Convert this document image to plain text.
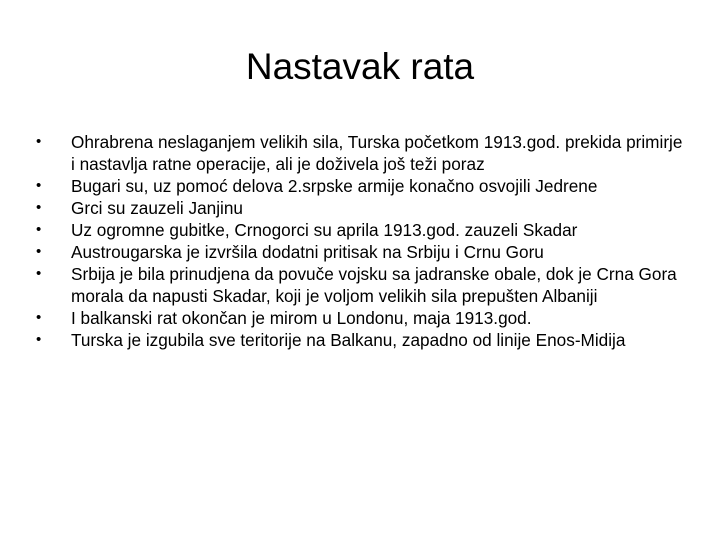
Nastavak rata
•	Ohrabrena neslaganjem velikih sila, Turska početkom 1913.god. prekida primirje i nastavlja ratne operacije, ali je doživela još teži poraz
•	Bugari su, uz pomoć delova 2.srpske armije konačno osvojili Jedrene
•	Grci su zauzeli Janjinu
•	Uz ogromne gubitke, Crnogorci su aprila 1913.god. zauzeli Skadar
•	Austrougarska je izvršila dodatni pritisak na Srbiju i Crnu Goru
•	Srbija je bila prinudjena da povuče vojsku sa jadranske obale, dok je Crna Gora morala da napusti Skadar, koji je voljom velikih sila prepušten Albaniji
•	I balkanski rat okončan je mirom u Londonu, maja 1913.god.
•	Turska je izgubila sve teritorije na Balkanu, zapadno od linije Enos-Midija
